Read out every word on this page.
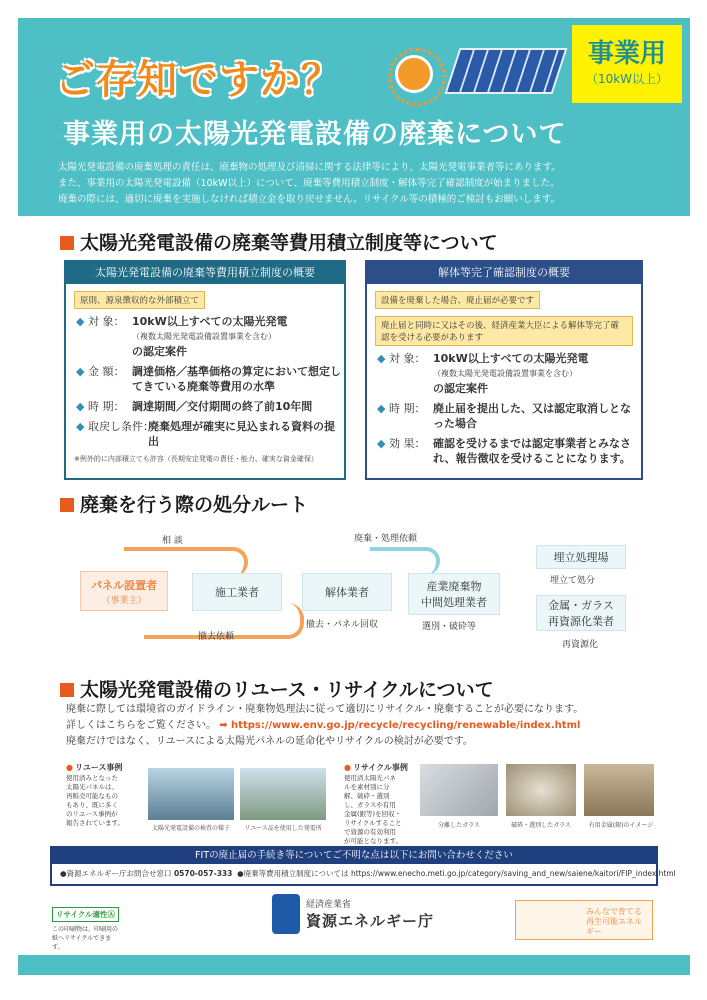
ご存知ですか？
事業用
（10kW以上）
事業用の太陽光発電設備の廃棄について
太陽光発電設備の廃棄処理の責任は、廃棄物の処理及び清掃に関する法律等により、太陽光発電事業者等にあります。
また、事業用の太陽光発電設備（10kW以上）について、廃棄等費用積立制度・解体等完了確認制度が始まりました。
廃棄の際には、適切に廃棄を実施しなければ積立金を取り戻せません。リサイクル等の積極的ご検討もお願いします。
太陽光発電設備の廃棄等費用積立制度等について
太陽光発電設備の廃棄等費用積立制度の概要
原則、源泉徴収的な外部積立て
◆ 対 象： 10kW以上すべての太陽光発電
（複数太陽光発電設備設置事業を含む）
の認定案件
◆ 金 額： 調達価格／基準価格の算定において想定してきている廃棄等費用の水準
◆ 時 期： 調達期間／交付期間の終了前10年間
◆ 取戻し条件：
廃棄処理が確実に見込まれる資料の提出
※例外的に内部積立ても許容（長期安定発電の責任・能力、確実な資金確保）
解体等完了確認制度の概要
設備を廃棄した場合、廃止届が必要です
廃止届と同時に又はその後、経済産業大臣による解体等完了確認を受ける必要があります
◆ 対 象： 10kW以上すべての太陽光発電
（複数太陽光発電設備設置事業を含む）
の認定案件
◆ 時 期： 廃止届を提出した、又は認定取消しとなった場合
◆ 効 果： 確認を受けるまでは認定事業者とみなされ、報告徴収を受けることになります。
廃棄を行う際の処分ルート
相 談	廃棄・処理依頼
撤去依頼
撤去・パネル回収	選別・破砕等
埋立て処分
再資源化
パネル設置者
（事業主）
施工業者	解体業者	産業廃棄物
中間処理業者
埋立処理場
金属・ガラス
再資源化業者
太陽光発電設備のリユース・リサイクルについて
廃棄に際しては環境省のガイドライン・廃棄物処理法に従って適切にリサイクル・廃棄することが必要になります。
詳しくはこちらをご覧ください。 ➡ https://www.env.go.jp/recycle/recycling/renewable/index.html
廃棄だけではなく、リユースによる太陽光パネルの延命化やリサイクルの検討が必要です。
● リユース事例
使用済みとなった太陽光パネルは、再販売可能なものもあり、既に多くのリユース事例が報告されています。
太陽光発電設備の検査の様子	リユース品を使用した発電所
● リサイクル事例
使用済太陽光パネルを素材別に分解、破砕・選別し、ガラスや有用金属(銀等)を回収・リサイクルすることで資源の有効利用が可能となります。
分離したガラス	破砕・選別したガラス	有用金属(銀)のイメージ
FITの廃止届の手続き等についてご不明な点は以下にお問い合わせください
●資源エネルギー庁お問合せ窓口 0570-057-333 ●廃棄等費用積立制度については https://www.enecho.meti.go.jp/category/saving_and_new/saiene/kaitori/FIP_index.html
リサイクル適性Ⓐ
この印刷物は、印刷用の紙へリサイクルできます。
経済産業省
資源エネルギー庁
みんなで育てる
再生可能エネルギー
